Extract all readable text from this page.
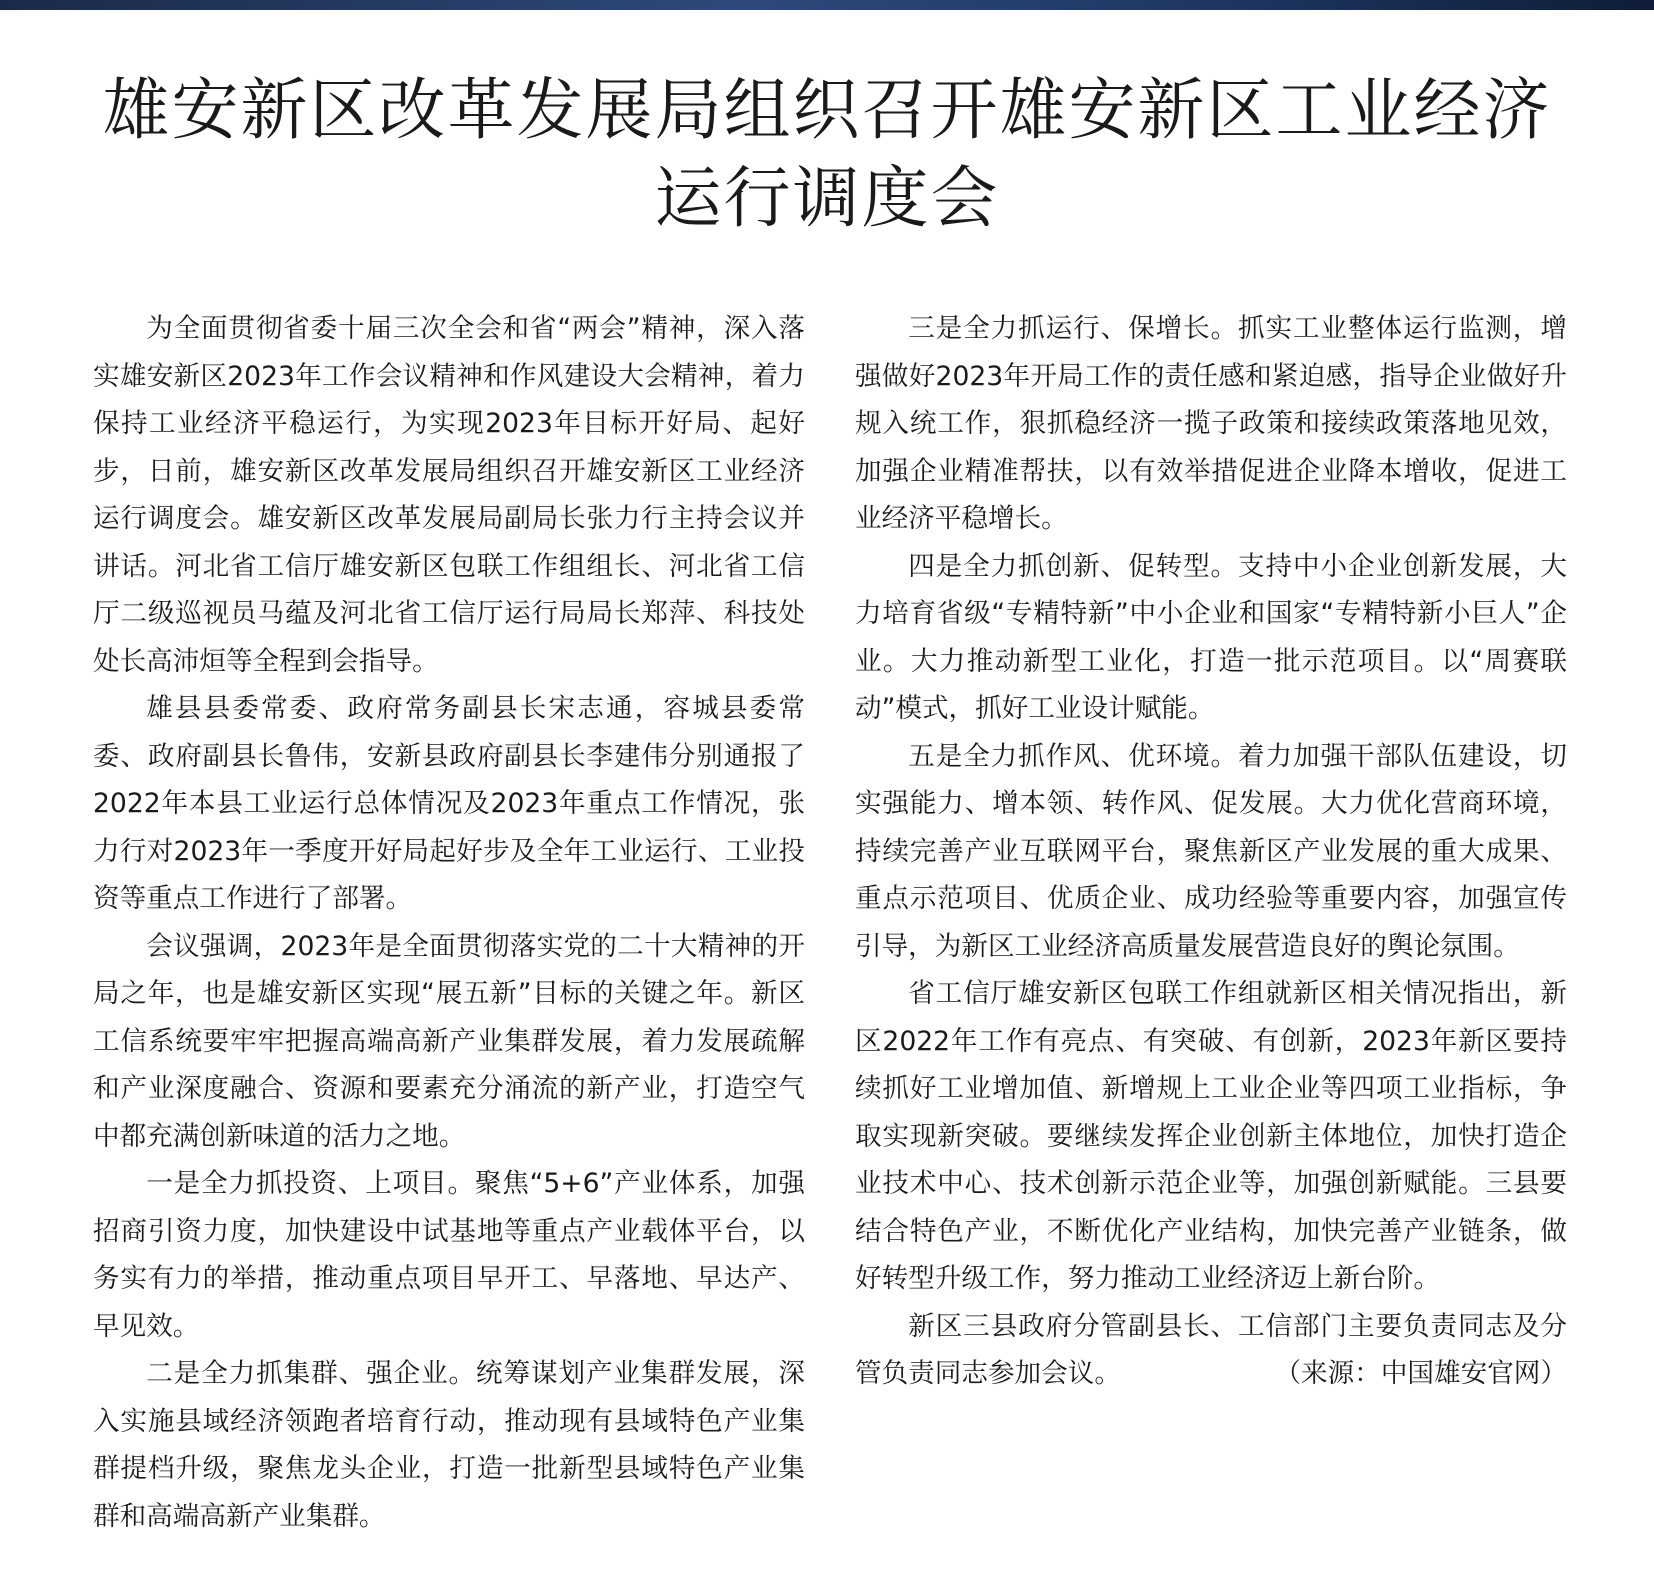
雄安新区改革发展局组织召开雄安新区工业经济
运行调度会

为全面贯彻省委十届三次全会和省“两会”精神，深入落实雄安新区2023年工作会议精神和作风建设大会精神，着力保持工业经济平稳运行，为实现2023年目标开好局、起好步，日前，雄安新区改革发展局组织召开雄安新区工业经济运行调度会。雄安新区改革发展局副局长张力行主持会议并讲话。河北省工信厅雄安新区包联工作组组长、河北省工信厅二级巡视员马蕴及河北省工信厅运行局局长郑萍、科技处处长高沛烜等全程到会指导。

雄县县委常委、政府常务副县长宋志通，容城县委常委、政府副县长鲁伟，安新县政府副县长李建伟分别通报了2022年本县工业运行总体情况及2023年重点工作情况，张力行对2023年一季度开好局起好步及全年工业运行、工业投资等重点工作进行了部署。

会议强调，2023年是全面贯彻落实党的二十大精神的开局之年，也是雄安新区实现“展五新”目标的关键之年。新区工信系统要牢牢把握高端高新产业集群发展，着力发展疏解和产业深度融合、资源和要素充分涌流的新产业，打造空气中都充满创新味道的活力之地。

一是全力抓投资、上项目。聚焦“5+6”产业体系，加强招商引资力度，加快建设中试基地等重点产业载体平台，以务实有力的举措，推动重点项目早开工、早落地、早达产、早见效。

二是全力抓集群、强企业。统筹谋划产业集群发展，深入实施县域经济领跑者培育行动，推动现有县域特色产业集群提档升级，聚焦龙头企业，打造一批新型县域特色产业集群和高端高新产业集群。

三是全力抓运行、保增长。抓实工业整体运行监测，增强做好2023年开局工作的责任感和紧迫感，指导企业做好升规入统工作，狠抓稳经济一揽子政策和接续政策落地见效，加强企业精准帮扶，以有效举措促进企业降本增收，促进工业经济平稳增长。

四是全力抓创新、促转型。支持中小企业创新发展，大力培育省级“专精特新”中小企业和国家“专精特新小巨人”企业。大力推动新型工业化，打造一批示范项目。以“周赛联动”模式，抓好工业设计赋能。

五是全力抓作风、优环境。着力加强干部队伍建设，切实强能力、增本领、转作风、促发展。大力优化营商环境，持续完善产业互联网平台，聚焦新区产业发展的重大成果、重点示范项目、优质企业、成功经验等重要内容，加强宣传引导，为新区工业经济高质量发展营造良好的舆论氛围。

省工信厅雄安新区包联工作组就新区相关情况指出，新区2022年工作有亮点、有突破、有创新，2023年新区要持续抓好工业增加值、新增规上工业企业等四项工业指标，争取实现新突破。要继续发挥企业创新主体地位，加快打造企业技术中心、技术创新示范企业等，加强创新赋能。三县要结合特色产业，不断优化产业结构，加快完善产业链条，做好转型升级工作，努力推动工业经济迈上新台阶。

新区三县政府分管副县长、工信部门主要负责同志及分管负责同志参加会议。	（来源：中国雄安官网）
